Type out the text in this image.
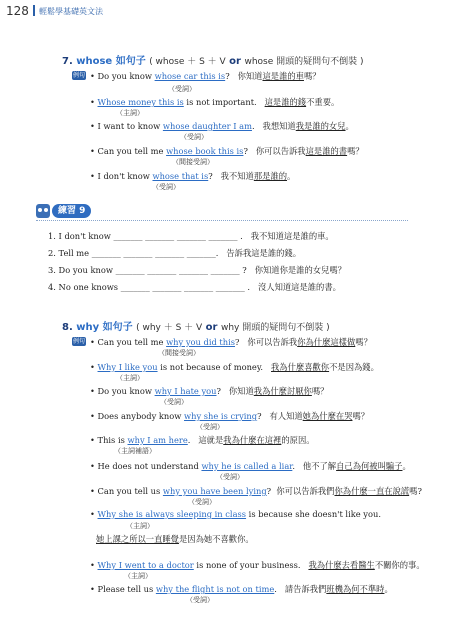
128 輕鬆學基礎英文法
7. whose 如句子 ( whose ＋ S ＋ V or whose 開頭的疑問句不倒裝 )
例句 • Do you know whose car this is? 你知道這是誰的車嗎？
（受詞）
• Whose money this is is not important. 這是誰的錢不重要。
（主詞）
• I want to know whose daughter I am. 我想知道我是誰的女兒。
（受詞）
• Can you tell me whose book this is? 你可以告訴我這是誰的書嗎？
（間接受詞）
• I don't know whose that is? 我不知道那是誰的。
（受詞）
練習 9
1. I don't know _______ _______ _______ _______ . 我不知道這是誰的車。
2. Tell me _______ _______ _______ _______. 告訴我這是誰的錢。
3. Do you know _______ _______ _______ _______ ? 你知道你是誰的女兒嗎？
4. No one knows _______ _______ _______ _______ . 沒人知道這是誰的書。
8. why 如句子 ( why ＋ S ＋ V or why 開頭的疑問句不倒裝 )
例句 • Can you tell me why you did this? 你可以告訴我你為什麼這樣做嗎？
（間接受詞）
• Why I like you is not because of money. 我為什麼喜歡你不是因為錢。
（主詞）
• Do you know why I hate you? 你知道我為什麼討厭你嗎？
（受詞）
• Does anybody know why she is crying? 有人知道她為什麼在哭嗎？
（受詞）
• This is why I am here. 這就是我為什麼在這裡的原因。
（主詞補語）
• He does not understand why he is called a liar. 他不了解自己為何被叫騙子。
（受詞）
• Can you tell us why you have been lying? 你可以告訴我們你為什麼一直在說謊嗎?
（受詞）
• Why she is always sleeping in class is because she doesn't like you.
（主詞）
她上課之所以一直睡覺是因為她不喜歡你。
• Why I went to a doctor is none of your business. 我為什麼去看醫生不關你的事。
（主詞）
• Please tell us why the flight is not on time. 請告訴我們班機為何不準時。
（受詞）
